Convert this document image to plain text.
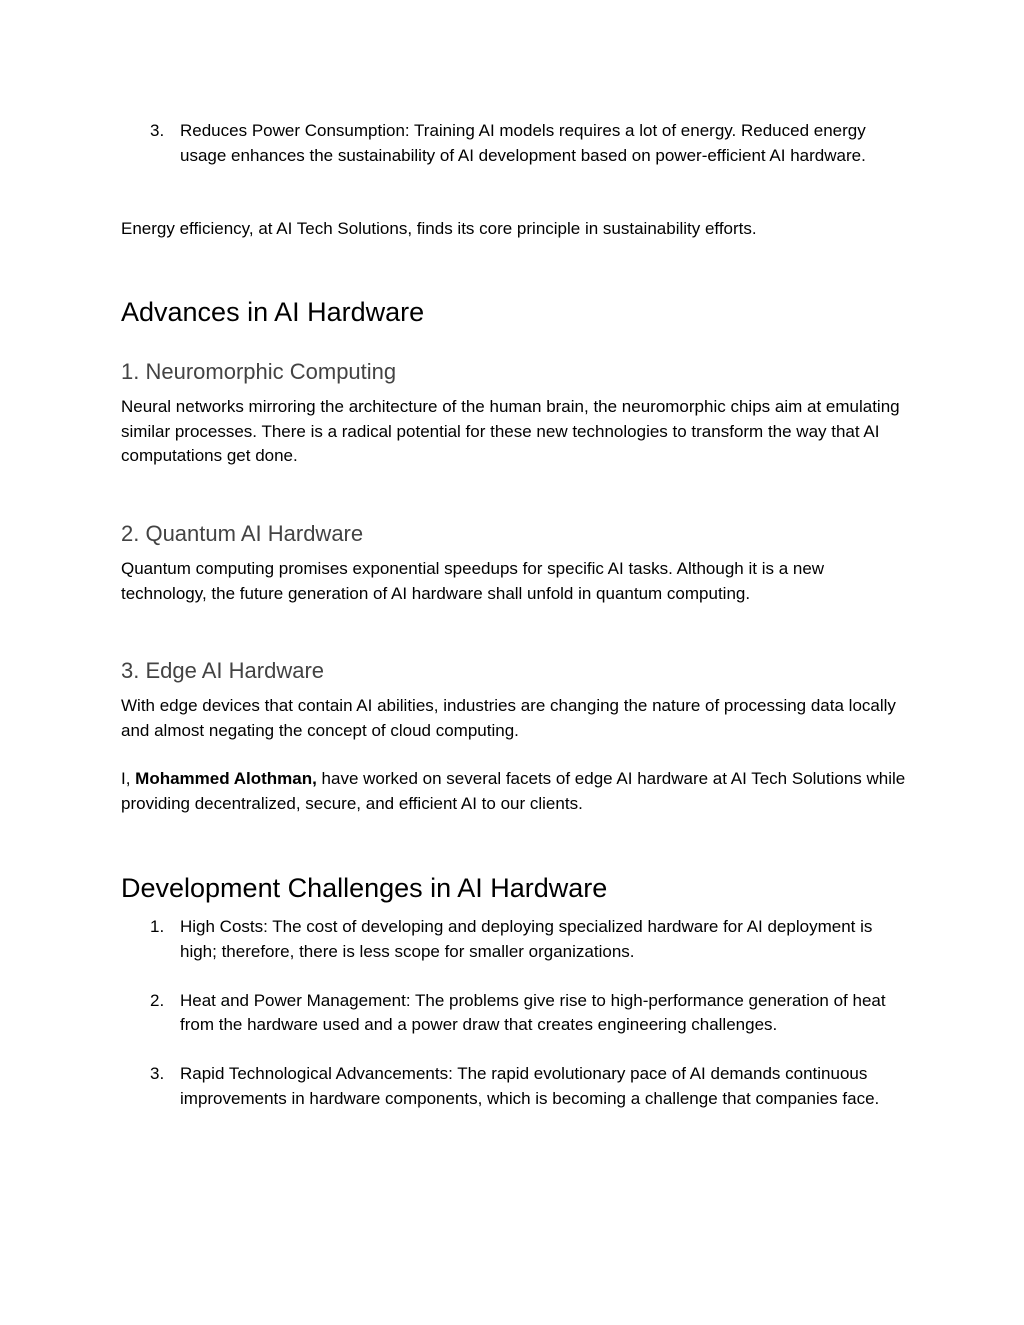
3. Reduces Power Consumption: Training AI models requires a lot of energy. Reduced energy usage enhances the sustainability of AI development based on power-efficient AI hardware.

Energy efficiency, at AI Tech Solutions, finds its core principle in sustainability efforts.

Advances in AI Hardware
1. Neuromorphic Computing

Neural networks mirroring the architecture of the human brain, the neuromorphic chips aim at emulating similar processes. There is a radical potential for these new technologies to transform the way that AI computations get done.

2. Quantum AI Hardware

Quantum computing promises exponential speedups for specific AI tasks. Although it is a new technology, the future generation of AI hardware shall unfold in quantum computing.

3. Edge AI Hardware

With edge devices that contain AI abilities, industries are changing the nature of processing data locally and almost negating the concept of cloud computing.

I, Mohammed Alothman, have worked on several facets of edge AI hardware at AI Tech Solutions while providing decentralized, secure, and efficient AI to our clients.

Development Challenges in AI Hardware
1. High Costs: The cost of developing and deploying specialized hardware for AI deployment is high; therefore, there is less scope for smaller organizations.
2. Heat and Power Management: The problems give rise to high-performance generation of heat from the hardware used and a power draw that creates engineering challenges.
3. Rapid Technological Advancements: The rapid evolutionary pace of AI demands continuous improvements in hardware components, which is becoming a challenge that companies face.
